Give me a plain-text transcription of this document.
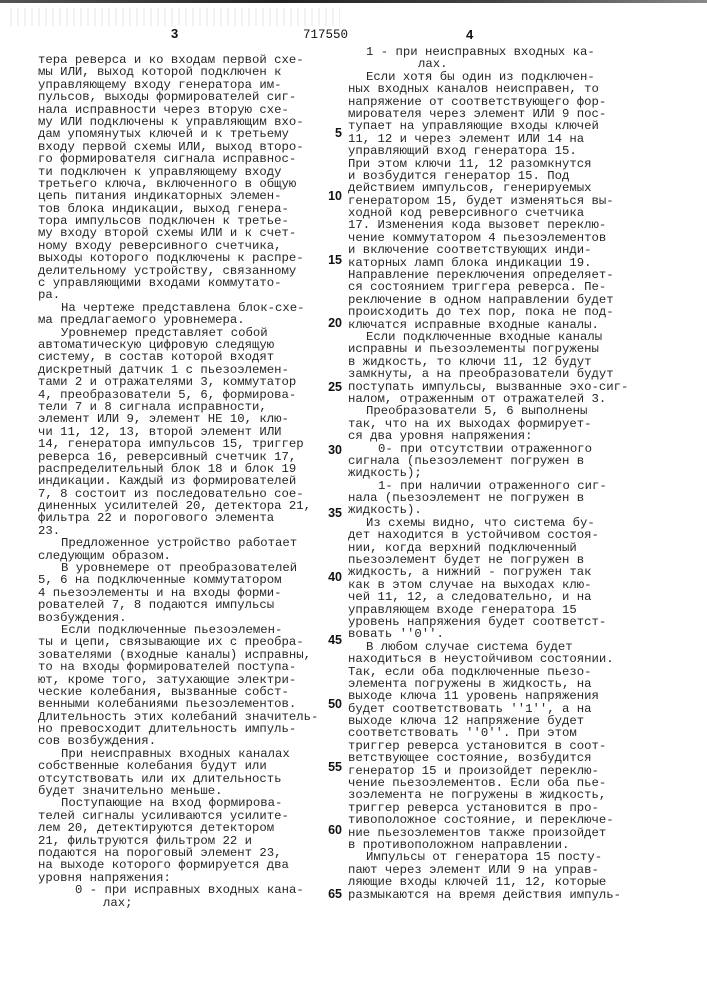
3	717550	4
тера реверса и ко входам первой схе-
мы ИЛИ, выход которой подключен к
управляющему входу генератора им-
пульсов, выходы формирователей сиг-
нала исправности через вторую схе-
му ИЛИ подключены к управляющим вхо-
дам упомянутых ключей и к третьему
входу первой схемы ИЛИ, выход второ-
го формирователя сигнала исправнос-
ти подключен к управляющему входу
третьего ключа, включенного в общую
цепь питания индикаторных элемен-
тов блока индикации, выход генера-
тора импульсов подключен к третье-
му входу второй схемы ИЛИ и к счет-
ному входу реверсивного счетчика,
выходы которого подключены к распре-
делительному устройству, связанному
с управляющими входами коммутато-
ра.
На чертеже представлена блок-схе-
ма предлагаемого уровнемера.
Уровнемер представляет собой
автоматическую цифровую следящую
систему, в состав которой входят
дискретный датчик 1 с пьезоэлемен-
тами 2 и отражателями 3, коммутатор
4, преобразователи 5, 6, формирова-
тели 7 и 8 сигнала исправности,
элемент ИЛИ 9, элемент НЕ 10, клю-
чи 11, 12, 13, второй элемент ИЛИ
14, генератора импульсов 15, триггер
реверса 16, реверсивный счетчик 17,
распределительный блок 18 и блок 19
индикации. Каждый из формирователей
7, 8 состоит из последовательно сое-
диненных усилителей 20, детектора 21,
фильтра 22 и порогового элемента
23.
Предложенное устройство работает
следующим образом.
В уровнемере от преобразователей
5, 6 на подключенные коммутатором
4 пьезоэлементы и на входы форми-
рователей 7, 8 подаются импульсы
возбуждения.
Если подключенные пьезоэлемен-
ты и цепи, связывающие их с преобра-
зователями (входные каналы) исправны,
то на входы формирователей поступа-
ют, кроме того, затухающие электри-
ческие колебания, вызванные собст-
венными колебаниями пьезоэлементов.
Длительность этих колебаний значитель-
но превосходит длительность импуль-
сов возбуждения.
При неисправных входных каналах
собственные колебания будут или
отсутствовать или их длительность
будет значительно меньше.
Поступающие на вход формирова-
телей сигналы усиливаются усилите-
лем 20, детектируются детектором
21, фильтруются фильтром 22 и
подаются на пороговый элемент 23,
на выходе которого формируется два
уровня напряжения:
0 - при исправных входных кана-
лах;
1 - при неисправных входных ка-
лах.
Если хотя бы один из подключен-
ных входных каналов неисправен, то
напряжение от соответствующего фор-
мирователя через элемент ИЛИ 9 пос-
тупает на управляющие входы ключей
11, 12 и через элемент ИЛИ 14 на
управляющий вход генератора 15.
При этом ключи 11, 12 разомкнутся
и возбудится генератор 15. Под
действием импульсов, генерируемых
генератором 15, будет изменяться вы-
ходной код реверсивного счетчика
17. Изменения кода вызовет переклю-
чение коммутатором 4 пьезоэлементов
и включение соответствующих инди-
каторных ламп блока индикации 19.
Направление переключения определяет-
ся состоянием триггера реверса. Пе-
реключение в одном направлении будет
происходить до тех пор, пока не под-
ключатся исправные входные каналы.
Если подключенные входные каналы
исправны и пьезоэлементы погружены
в жидкость, то ключи 11, 12 будут
замкнуты, а на преобразователи будут
поступать импульсы, вызванные эхо-сиг-
налом, отраженным от отражателей 3.
Преобразователи 5, 6 выполнены
так, что на их выходах формирует-
ся два уровня напряжения:
0- при отсутствии отраженного
сигнала (пьезоэлемент погружен в
жидкость);
1- при наличии отраженного сиг-
нала (пьезоэлемент не погружен в
жидкость).
Из схемы видно, что система бу-
дет находится в устойчивом состоя-
нии, когда верхний подключенный
пьезоэлемент будет не погружен в
жидкость, а нижний - погружен так
как в этом случае на выходах клю-
чей 11, 12, а следовательно, и на
управляющем входе генератора 15
уровень напряжения будет соответст-
вовать ''0''.
В любом случае система будет
находиться в неустойчивом состоянии.
Так, если оба подключенные пьезо-
элемента погружены в жидкость, на
выходе ключа 11 уровень напряжения
будет соответствовать ''1'', а на
выходе ключа 12 напряжение будет
соответствовать ''0''. При этом
триггер реверса установится в соот-
ветствующее состояние, возбудится
генератор 15 и произойдет переклю-
чение пьезоэлементов. Если оба пье-
зоэлемента не погружены в жидкость,
триггер реверса установится в про-
тивоположное состояние, и переключе-
ние пьезоэлементов также произойдет
в противоположном направлении.
Импульсы от генератора 15 посту-
пают через элемент ИЛИ 9 на управ-
ляющие входы ключей 11, 12, которые
размыкаются на время действия импуль-
5
10
15
20
25
30
35
40
45
50
55
60
65
